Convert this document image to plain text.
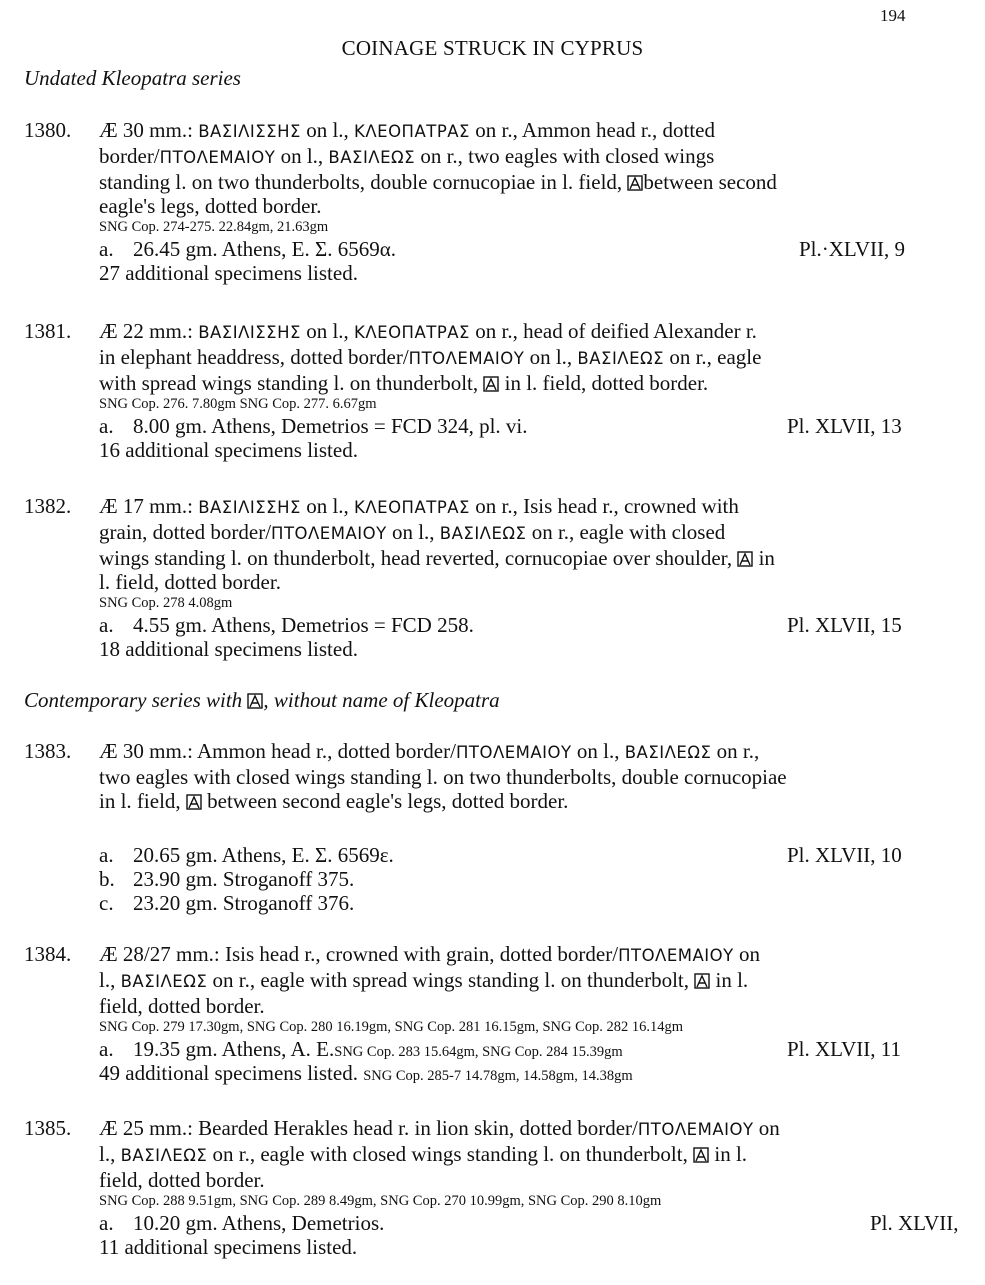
194
COINAGE STRUCK IN CYPRUS
Undated Kleopatra series
1380. Æ 30 mm.: ΒΑΣΙΛΙΣΣΗΣ on l., ΚΛΕΟΠΑΤΡΑΣ on r., Ammon head r., dotted
border/ΠΤΟΛΕΜΑΙΟΥ on l., ΒΑΣΙΛΕΩΣ on r., two eagles with closed wings
standing l. on two thunderbolts, double cornucopiae in l. field, between second
eagle's legs, dotted border.
SNG Cop. 274-275. 22.84gm, 21.63gm
a. 26.45 gm. Athens, E. Σ. 6569α.	Pl.·XLVII, 9
27 additional specimens listed.
1381. Æ 22 mm.: ΒΑΣΙΛΙΣΣΗΣ on l., ΚΛΕΟΠΑΤΡΑΣ on r., head of deified Alexander r.
in elephant headdress, dotted border/ΠΤΟΛΕΜΑΙΟΥ on l., ΒΑΣΙΛΕΩΣ on r., eagle
with spread wings standing l. on thunderbolt, in l. field, dotted border.
SNG Cop. 276. 7.80gm SNG Cop. 277. 6.67gm
a. 8.00 gm. Athens, Demetrios = FCD 324, pl. vi.	Pl. XLVII, 13
16 additional specimens listed.
1382. Æ 17 mm.: ΒΑΣΙΛΙΣΣΗΣ on l., ΚΛΕΟΠΑΤΡΑΣ on r., Isis head r., crowned with
grain, dotted border/ΠΤΟΛΕΜΑΙΟΥ on l., ΒΑΣΙΛΕΩΣ on r., eagle with closed
wings standing l. on thunderbolt, head reverted, cornucopiae over shoulder, in
l. field, dotted border.
SNG Cop. 278 4.08gm
a. 4.55 gm. Athens, Demetrios = FCD 258.	Pl. XLVII, 15
18 additional specimens listed.
Contemporary series with , without name of Kleopatra
1383. Æ 30 mm.: Ammon head r., dotted border/ΠΤΟΛΕΜΑΙΟΥ on l., ΒΑΣΙΛΕΩΣ on r.,
two eagles with closed wings standing l. on two thunderbolts, double cornucopiae
in l. field, between second eagle's legs, dotted border.
a. 20.65 gm. Athens, E. Σ. 6569ε.	Pl. XLVII, 10
b. 23.90 gm. Stroganoff 375.
c. 23.20 gm. Stroganoff 376.
1384. Æ 28/27 mm.: Isis head r., crowned with grain, dotted border/ΠΤΟΛΕΜΑΙΟΥ on
l., ΒΑΣΙΛΕΩΣ on r., eagle with spread wings standing l. on thunderbolt, in l.
field, dotted border.
SNG Cop. 279 17.30gm, SNG Cop. 280 16.19gm, SNG Cop. 281 16.15gm, SNG Cop. 282 16.14gm
a. 19.35 gm. Athens, A. E.SNG Cop. 283 15.64gm, SNG Cop. 284 15.39gm	Pl. XLVII, 11
49 additional specimens listed. SNG Cop. 285-7 14.78gm, 14.58gm, 14.38gm
1385. Æ 25 mm.: Bearded Herakles head r. in lion skin, dotted border/ΠΤΟΛΕΜΑΙΟΥ on
l., ΒΑΣΙΛΕΩΣ on r., eagle with closed wings standing l. on thunderbolt, in l.
field, dotted border.
SNG Cop. 288 9.51gm, SNG Cop. 289 8.49gm, SNG Cop. 270 10.99gm, SNG Cop. 290 8.10gm
a. 10.20 gm. Athens, Demetrios.	Pl. XLVII,
11 additional specimens listed.
